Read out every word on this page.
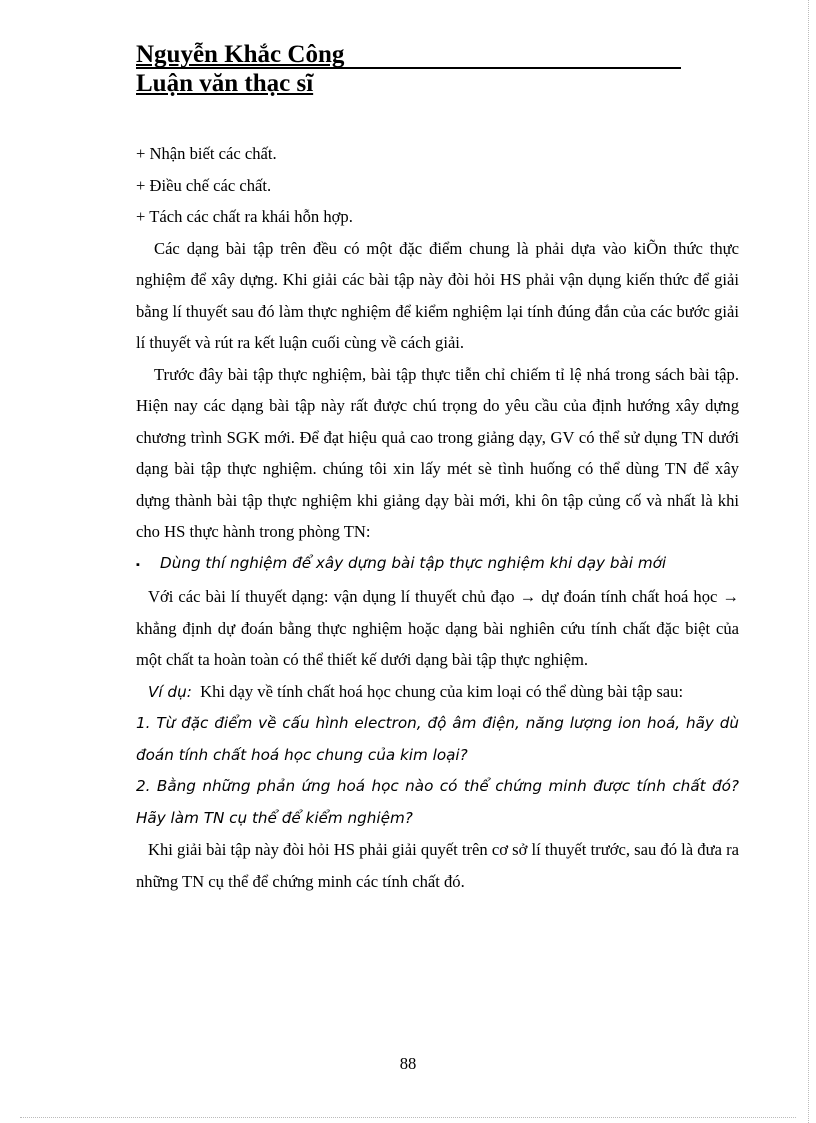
Nguyễn Khắc Công
Luận văn thạc sĩ

+ Nhận biết các chất.

+ Điều chế các chất.

+ Tách các chất ra khái hỗn hợp.

Các dạng bài tập trên đều có một đặc điểm chung là phải dựa vào kiÕn thức thực nghiệm để xây dựng. Khi giải các bài tập này đòi hỏi HS phải vận dụng kiến thức để giải bằng lí thuyết sau đó làm thực nghiệm để kiểm nghiệm lại tính đúng đắn của các bước giải lí thuyết và rút ra kết luận cuối cùng về cách giải.

Trước đây bài tập thực nghiệm, bài tập thực tiễn chỉ chiếm tỉ lệ nhá trong sách bài tập. Hiện nay các dạng bài tập này rất được chú trọng do yêu cầu của định hướng xây dựng chương trình SGK mới. Để đạt hiệu quả cao trong giảng dạy, GV có thể sử dụng TN dưới dạng bài tập thực nghiệm. chúng tôi xin lấy mét sè tình huống có thể dùng TN để xây dựng thành bài tập thực nghiệm khi giảng dạy bài mới, khi ôn tập củng cố và nhất là khi cho HS thực hành trong phòng TN:

▪	Dùng thí nghiệm để xây dựng bài tập thực nghiệm khi dạy bài mới

Với các bài lí thuyết dạng: vận dụng lí thuyết chủ đạo → dự đoán tính chất hoá học → khẳng định dự đoán bằng thực nghiệm hoặc dạng bài nghiên cứu tính chất đặc biệt của một chất ta hoàn toàn có thể thiết kế dưới dạng bài tập thực nghiệm.

Ví dụ: Khi dạy về tính chất hoá học chung của kim loại có thể dùng bài tập sau:

1. Từ đặc điểm về cấu hình electron, độ âm điện, năng lượng ion hoá, hãy dù đoán tính chất hoá học chung của kim loại?

2. Bằng những phản ứng hoá học nào có thể chứng minh được tính chất đó? Hãy làm TN cụ thể để kiểm nghiệm?

Khi giải bài tập này đòi hỏi HS phải giải quyết trên cơ sở lí thuyết trước, sau đó là đưa ra những TN cụ thể để chứng minh các tính chất đó.

88
